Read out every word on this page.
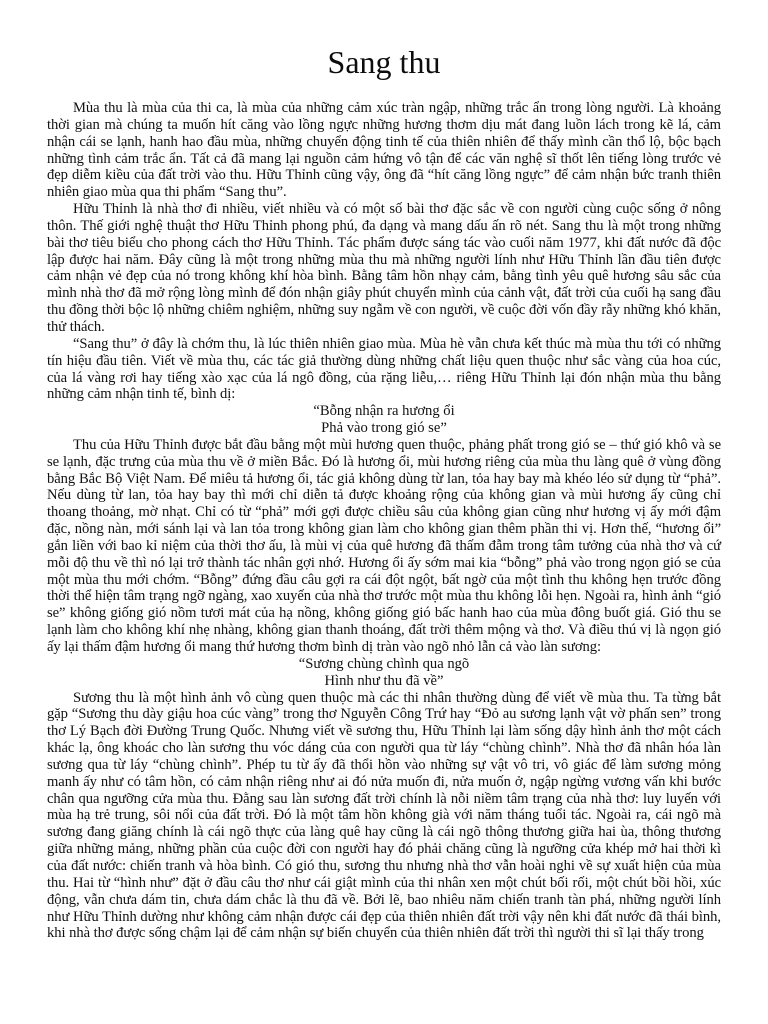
Sang thu

Mùa thu là mùa của thi ca, là mùa của những cảm xúc tràn ngập, những trắc ẩn trong lòng người. Là khoảng thời gian mà chúng ta muốn hít căng vào lồng ngực những hương thơm dịu mát đang luồn lách trong kẽ lá, cảm nhận cái se lạnh, hanh hao đầu mùa, những chuyển động tinh tế của thiên nhiên để thấy mình cần thổ lộ, bộc bạch những tình cảm trắc ẩn. Tất cả đã mang lại nguồn cảm hứng vô tận để các văn nghệ sĩ thốt lên tiếng lòng trước vẻ đẹp diễm kiều của đất trời vào thu. Hữu Thỉnh cũng vậy, ông đã “hít căng lồng ngực” để cảm nhận bức tranh thiên nhiên giao mùa qua thi phẩm “Sang thu”.

Hữu Thỉnh là nhà thơ đi nhiều, viết nhiều và có một số bài thơ đặc sắc về con người cùng cuộc sống ở nông thôn. Thế giới nghệ thuật thơ Hữu Thỉnh phong phú, đa dạng và mang dấu ấn rõ nét. Sang thu là một trong những bài thơ tiêu biểu cho phong cách thơ Hữu Thỉnh. Tác phẩm được sáng tác vào cuối năm 1977, khi đất nước đã độc lập được hai năm. Đây cũng là một trong những mùa thu mà những người lính như Hữu Thỉnh lần đầu tiên được cảm nhận vẻ đẹp của nó trong không khí hòa bình. Bằng tâm hồn nhạy cảm, bằng tình yêu quê hương sâu sắc của mình nhà thơ đã mở rộng lòng mình để đón nhận giây phút chuyển mình của cảnh vật, đất trời của cuối hạ sang đầu thu đồng thời bộc lộ những chiêm nghiệm, những suy ngẫm về con người, về cuộc đời vốn đầy rẫy những khó khăn, thử thách.

“Sang thu” ở đây là chớm thu, là lúc thiên nhiên giao mùa. Mùa hè vẫn chưa kết thúc mà mùa thu tới có những tín hiệu đầu tiên. Viết về mùa thu, các tác giả thường dùng những chất liệu quen thuộc như sắc vàng của hoa cúc, của lá vàng rơi hay tiếng xào xạc của lá ngô đồng, của rặng liễu,… riêng Hữu Thỉnh lại đón nhận mùa thu bằng những cảm nhận tinh tế, bình dị:

“Bỗng nhận ra hương ổi
Phả vào trong gió se”

Thu của Hữu Thỉnh được bắt đầu bằng một mùi hương quen thuộc, phảng phất trong gió se – thứ gió khô và se se lạnh, đặc trưng của mùa thu về ở miền Bắc. Đó là hương ổi, mùi hương riêng của mùa thu làng quê ở vùng đồng bằng Bắc Bộ Việt Nam. Để miêu tả hương ổi, tác giả không dùng từ lan, tỏa hay bay mà khéo léo sử dụng từ “phả”. Nếu dùng từ lan, tỏa hay bay thì mới chỉ diễn tả được khoảng rộng của không gian và mùi hương ấy cũng chỉ thoang thoảng, mờ nhạt. Chỉ có từ “phả” mới gợi được chiều sâu của không gian cũng như hương vị ấy mới đậm đặc, nồng nàn, mới sánh lại và lan tỏa trong không gian làm cho không gian thêm phần thi vị. Hơn thế, “hương ổi” gắn liền với bao kỉ niệm của thời thơ ấu, là mùi vị của quê hương đã thấm đẫm trong tâm tưởng của nhà thơ và cứ mỗi độ thu về thì nó lại trở thành tác nhân gợi nhớ. Hương ổi ấy sớm mai kia “bỗng” phả vào trong ngọn gió se của một mùa thu mới chớm. “Bỗng” đứng đầu câu gợi ra cái đột ngột, bất ngờ của một tình thu không hẹn trước đồng thời thể hiện tâm trạng ngỡ ngàng, xao xuyến của nhà thơ trước một mùa thu không lỗi hẹn. Ngoài ra, hình ảnh “gió se” không giống gió nồm tươi mát của hạ nồng, không giống gió bấc hanh hao của mùa đông buốt giá. Gió thu se lạnh làm cho không khí nhẹ nhàng, không gian thanh thoáng, đất trời thêm mộng và thơ. Và điều thú vị là ngọn gió ấy lại thấm đậm hương ổi mang thứ hương thơm bình dị tràn vào ngõ nhỏ lẫn cả vào làn sương:

“Sương chùng chình qua ngõ
Hình như thu đã về”

Sương thu là một hình ảnh vô cùng quen thuộc mà các thi nhân thường dùng để viết về mùa thu. Ta từng bắt gặp “Sương thu dày giậu hoa cúc vàng” trong thơ Nguyễn Công Trứ hay “Đỏ au sương lạnh vật vờ phấn sen” trong thơ Lý Bạch đời Đường Trung Quốc. Nhưng viết về sương thu, Hữu Thỉnh lại làm sống dậy hình ảnh thơ một cách khác lạ, ông khoác cho làn sương thu vóc dáng của con người qua từ láy “chùng chình”. Nhà thơ đã nhân hóa làn sương qua từ láy “chùng chình”. Phép tu từ ấy đã thổi hồn vào những sự vật vô tri, vô giác để làm sương mỏng manh ấy như có tâm hồn, có cảm nhận riêng như ai đó nửa muốn đi, nửa muốn ở, ngập ngừng vương vấn khi bước chân qua ngưỡng cửa mùa thu. Đằng sau làn sương đất trời chính là nỗi niềm tâm trạng của nhà thơ: luy luyến với mùa hạ trẻ trung, sôi nổi của đất trời. Đó là một tâm hồn không già với năm tháng tuổi tác. Ngoài ra, cái ngõ mà sương đang giăng chính là cái ngõ thực của làng quê hay cũng là cái ngõ thông thương giữa hai ùa, thông thương giữa những mảng, những phần của cuộc đời con người hay đó phải chăng cũng là ngưỡng cửa khép mở hai thời kì của đất nước: chiến tranh và hòa bình. Có gió thu, sương thu nhưng nhà thơ vẫn hoài nghi về sự xuất hiện của mùa thu. Hai từ “hình như” đặt ở đầu câu thơ như cái giật mình của thi nhân xen một chút bối rối, một chút bồi hồi, xúc động, vẫn chưa dám tin, chưa dám chắc là thu đã về. Bởi lẽ, bao nhiêu năm chiến tranh tàn phá, những người lính như Hữu Thỉnh dường như không cảm nhận được cái đẹp của thiên nhiên đất trời vậy nên khi đất nước đã thái bình, khi nhà thơ được sống chậm lại để cảm nhận sự biến chuyển của thiên nhiên đất trời thì người thi sĩ lại thấy trong
